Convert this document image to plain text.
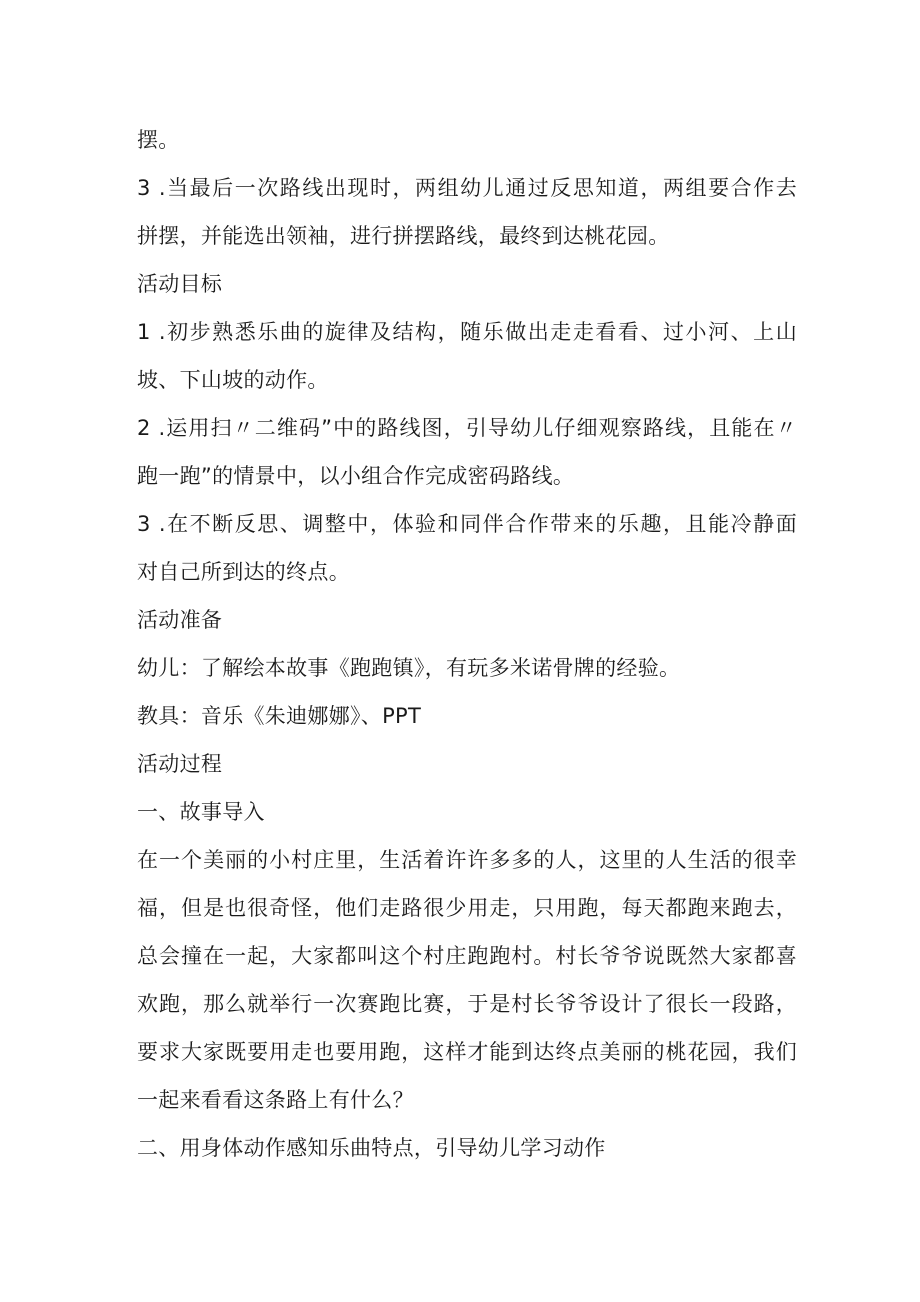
摆。
3 .当最后一次路线出现时，两组幼儿通过反思知道，两组要合作去
拼摆，并能选出领袖，进行拼摆路线，最终到达桃花园。
活动目标
1 .初步熟悉乐曲的旋律及结构，随乐做出走走看看、过小河、上山
坡、下山坡的动作。
2 .运用扫〃二维码”中的路线图，引导幼儿仔细观察路线，且能在〃
跑一跑”的情景中，以小组合作完成密码路线。
3 .在不断反思、调整中，体验和同伴合作带来的乐趣，且能冷静面
对自己所到达的终点。
活动准备
幼儿：了解绘本故事《跑跑镇》，有玩多米诺骨牌的经验。
教具：音乐《朱迪娜娜》、PPT
活动过程
一、故事导入
在一个美丽的小村庄里，生活着许许多多的人，这里的人生活的很幸
福，但是也很奇怪，他们走路很少用走，只用跑，每天都跑来跑去，
总会撞在一起，大家都叫这个村庄跑跑村。村长爷爷说既然大家都喜
欢跑，那么就举行一次赛跑比赛，于是村长爷爷设计了很长一段路，
要求大家既要用走也要用跑，这样才能到达终点美丽的桃花园，我们
一起来看看这条路上有什么？
二、用身体动作感知乐曲特点，引导幼儿学习动作
